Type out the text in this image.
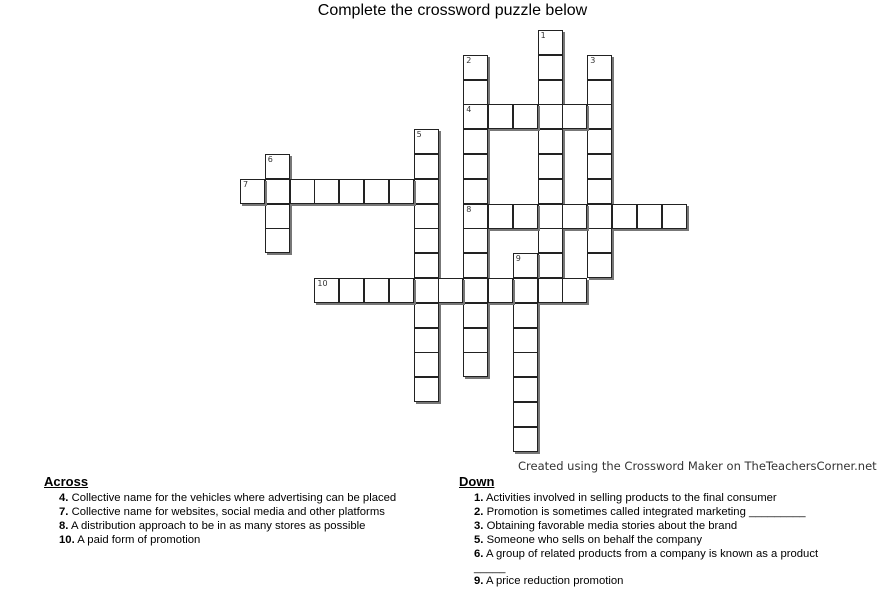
Complete the crossword puzzle below
1
2
4
8
3
5
6
7
9
10
Created using the Crossword Maker on TheTeachersCorner.net
Across	Down
4. Collective name for the vehicles where advertising can be placed
7. Collective name for websites, social media and other platforms
8. A distribution approach to be in as many stores as possible
10. A paid form of promotion
1. Activities involved in selling products to the final consumer
2. Promotion is sometimes called integrated marketing _________
3. Obtaining favorable media stories about the brand
5. Someone who sells on behalf the company
6. A group of related products from a company is known as a product
_____
9. A price reduction promotion
